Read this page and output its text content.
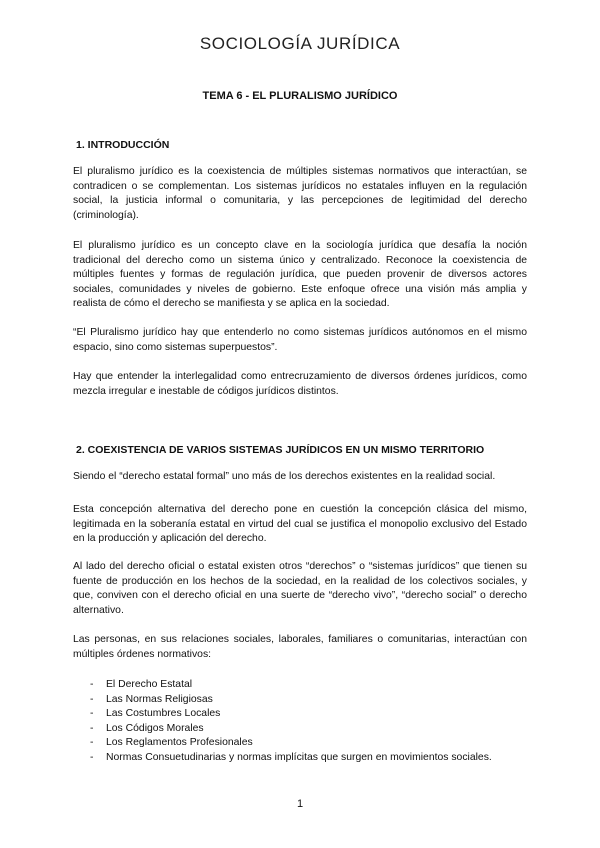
SOCIOLOGÍA JURÍDICA
TEMA 6 - EL PLURALISMO JURÍDICO
1. INTRODUCCIÓN

El pluralismo jurídico es la coexistencia de múltiples sistemas normativos que interactúan, se contradicen o se complementan. Los sistemas jurídicos no estatales influyen en la regulación social, la justicia informal o comunitaria, y las percepciones de legitimidad del derecho (criminología).

El pluralismo jurídico es un concepto clave en la sociología jurídica que desafía la noción tradicional del derecho como un sistema único y centralizado. Reconoce la coexistencia de múltiples fuentes y formas de regulación jurídica, que pueden provenir de diversos actores sociales, comunidades y niveles de gobierno. Este enfoque ofrece una visión más amplia y realista de cómo el derecho se manifiesta y se aplica en la sociedad.

“El Pluralismo jurídico hay que entenderlo no como sistemas jurídicos autónomos en el mismo espacio, sino como sistemas superpuestos”.

Hay que entender la interlegalidad como entrecruzamiento de diversos órdenes jurídicos, como mezcla irregular e inestable de códigos jurídicos distintos.

2. COEXISTENCIA DE VARIOS SISTEMAS JURÍDICOS EN UN MISMO TERRITORIO

Siendo el “derecho estatal formal” uno más de los derechos existentes en la realidad social.

Esta concepción alternativa del derecho pone en cuestión la concepción clásica del mismo, legitimada en la soberanía estatal en virtud del cual se justifica el monopolio exclusivo del Estado en la producción y aplicación del derecho.

Al lado del derecho oficial o estatal existen otros “derechos” o “sistemas jurídicos” que tienen su fuente de producción en los hechos de la sociedad, en la realidad de los colectivos sociales, y que, conviven con el derecho oficial en una suerte de “derecho vivo”, “derecho social” o derecho alternativo.

Las personas, en sus relaciones sociales, laborales, familiares o comunitarias, interactúan con múltiples órdenes normativos:

- El Derecho Estatal
- Las Normas Religiosas
- Las Costumbres Locales
- Los Códigos Morales
- Los Reglamentos Profesionales
- Normas Consuetudinarias y normas implícitas que surgen en movimientos sociales.
1
